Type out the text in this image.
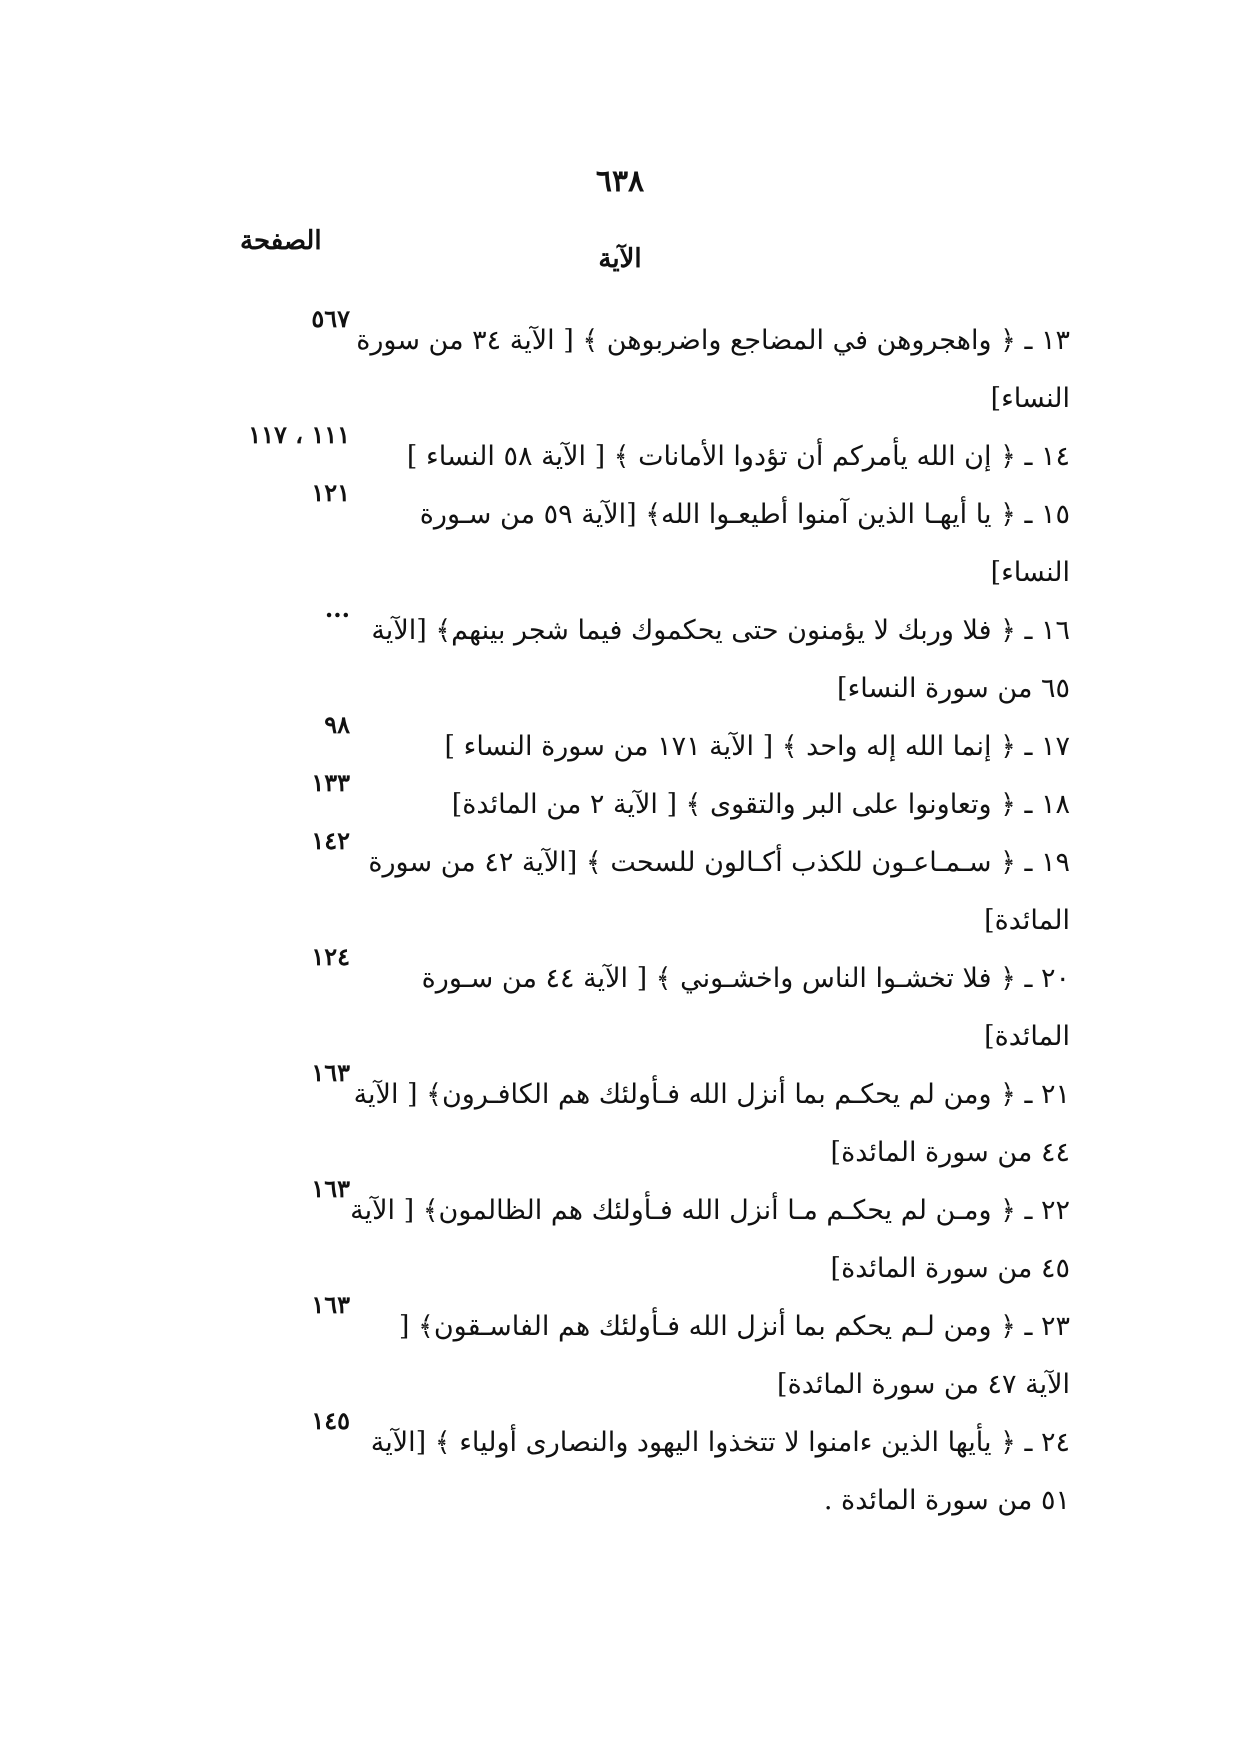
٦٣٨
الصفحة
الآية
١٣ ـ ﴿ واهجروهن في المضاجع واضربوهن ﴾ [ الآية ٣٤ من سورة النساء]
٥٦٧
١٤ ـ ﴿ إن الله يأمركم أن تؤدوا الأمانات ﴾ [ الآية ٥٨ النساء ]
١١١ ، ١١٧
١٥ ـ ﴿ يا أيهـا الذين آمنوا أطيعـوا الله﴾ [الآية ٥٩ من سـورة النساء]
١٢١
١٦ ـ ﴿ فلا وربك لا يؤمنون حتى يحكموك فيما شجر بينهم﴾ [الآية ٦٥ من سورة النساء]
...
١٧ ـ ﴿ إنما الله إله واحد ﴾ [ الآية ١٧١ من سورة النساء ]
٩٨
١٨ ـ ﴿ وتعاونوا على البر والتقوى ﴾ [ الآية ٢ من المائدة]
١٣٣
١٩ ـ ﴿ سـمـاعـون للكذب أكـالون للسحت ﴾ [الآية ٤٢ من سورة المائدة]
١٤٢
٢٠ ـ ﴿ فلا تخشـوا الناس واخشـوني ﴾ [ الآية ٤٤ من سـورة المائدة]
١٢٤
٢١ ـ ﴿ ومن لم يحكـم بما أنزل الله فـأولئك هم الكافـرون﴾ [ الآية ٤٤ من سورة المائدة]
١٦٣
٢٢ ـ ﴿ ومـن لم يحكـم مـا أنزل الله فـأولئك هم الظالمون﴾ [ الآية ٤٥ من سورة المائدة]
١٦٣
٢٣ ـ ﴿ ومن لـم يحكم بما أنزل الله فـأولئك هم الفاسـقون﴾ [ الآية ٤٧ من سورة المائدة]
١٦٣
٢٤ ـ ﴿ يأيها الذين ءامنوا لا تتخذوا اليهود والنصارى أولياء ﴾ [الآية ٥١ من سورة المائدة .
١٤٥
